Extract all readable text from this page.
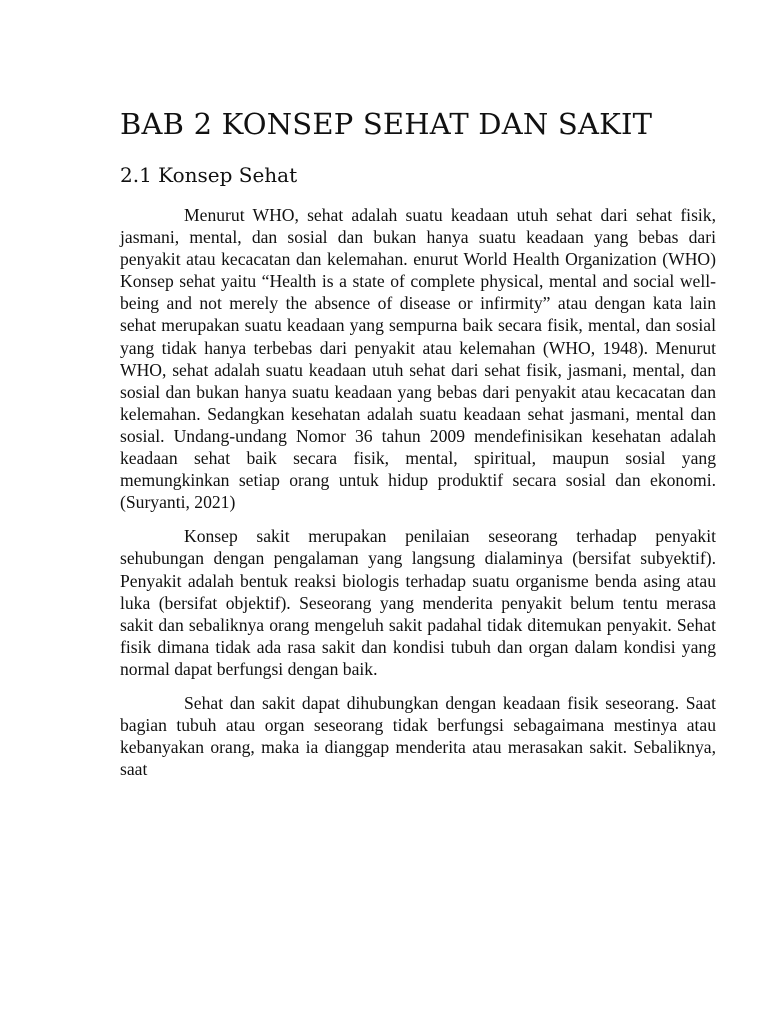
BAB 2 KONSEP SEHAT DAN SAKIT
2.1 Konsep Sehat

Menurut WHO, sehat adalah suatu keadaan utuh sehat dari sehat fisik, jasmani, mental, dan sosial dan bukan hanya suatu keadaan yang bebas dari penyakit atau kecacatan dan kelemahan. enurut World Health Organization (WHO) Konsep sehat yaitu “Health is a state of complete physical, mental and social well-being and not merely the absence of disease or infirmity” atau dengan kata lain sehat merupakan suatu keadaan yang sempurna baik secara fisik, mental, dan sosial yang tidak hanya terbebas dari penyakit atau kelemahan (WHO, 1948). Menurut WHO, sehat adalah suatu keadaan utuh sehat dari sehat fisik, jasmani, mental, dan sosial dan bukan hanya suatu keadaan yang bebas dari penyakit atau kecacatan dan kelemahan. Sedangkan kesehatan adalah suatu keadaan sehat jasmani, mental dan sosial. Undang-undang Nomor 36 tahun 2009 mendefinisikan kesehatan adalah keadaan sehat baik secara fisik, mental, spiritual, maupun sosial yang memungkinkan setiap orang untuk hidup produktif secara sosial dan ekonomi.(Suryanti, 2021)

Konsep sakit merupakan penilaian seseorang terhadap penyakit sehubungan dengan pengalaman yang langsung dialaminya (bersifat subyektif). Penyakit adalah bentuk reaksi biologis terhadap suatu organisme benda asing atau luka (bersifat objektif). Seseorang yang menderita penyakit belum tentu merasa sakit dan sebaliknya orang mengeluh sakit padahal tidak ditemukan penyakit. Sehat fisik dimana tidak ada rasa sakit dan kondisi tubuh dan organ dalam kondisi yang normal dapat berfungsi dengan baik.

Sehat dan sakit dapat dihubungkan dengan keadaan fisik seseorang. Saat bagian tubuh atau organ seseorang tidak berfungsi sebagaimana mestinya atau kebanyakan orang, maka ia dianggap menderita atau merasakan sakit. Sebaliknya, saat
